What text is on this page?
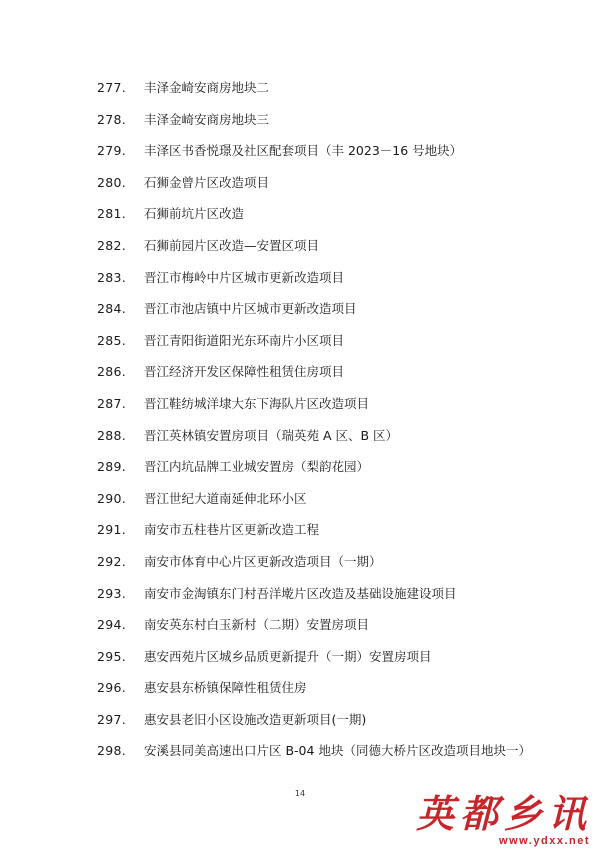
277.	丰泽金崎安商房地块二
278.	丰泽金崎安商房地块三
279.	丰泽区书香悦璟及社区配套项目（丰 2023－16 号地块）
280.	石狮金曾片区改造项目
281.	石狮前坑片区改造
282.	石狮前园片区改造—安置区项目
283.	晋江市梅岭中片区城市更新改造项目
284.	晋江市池店镇中片区城市更新改造项目
285.	晋江青阳街道阳光东环南片小区项目
286.	晋江经济开发区保障性租赁住房项目
287.	晋江鞋纺城洋埭大东下海队片区改造项目
288.	晋江英林镇安置房项目（瑞英苑 A 区、B 区）
289.	晋江内坑品牌工业城安置房（梨韵花园）
290.	晋江世纪大道南延伸北环小区
291.	南安市五柱巷片区更新改造工程
292.	南安市体育中心片区更新改造项目（一期）
293.	南安市金淘镇东门村吾洋墘片区改造及基础设施建设项目
294.	南安英东村白玉新村（二期）安置房项目
295.	惠安西苑片区城乡品质更新提升（一期）安置房项目
296.	惠安县东桥镇保障性租赁住房
297.	惠安县老旧小区设施改造更新项目(一期)
298.	安溪县同美高速出口片区 B-04 地块（同德大桥片区改造项目地块一）
14	英都乡讯
www.ydxx.net
